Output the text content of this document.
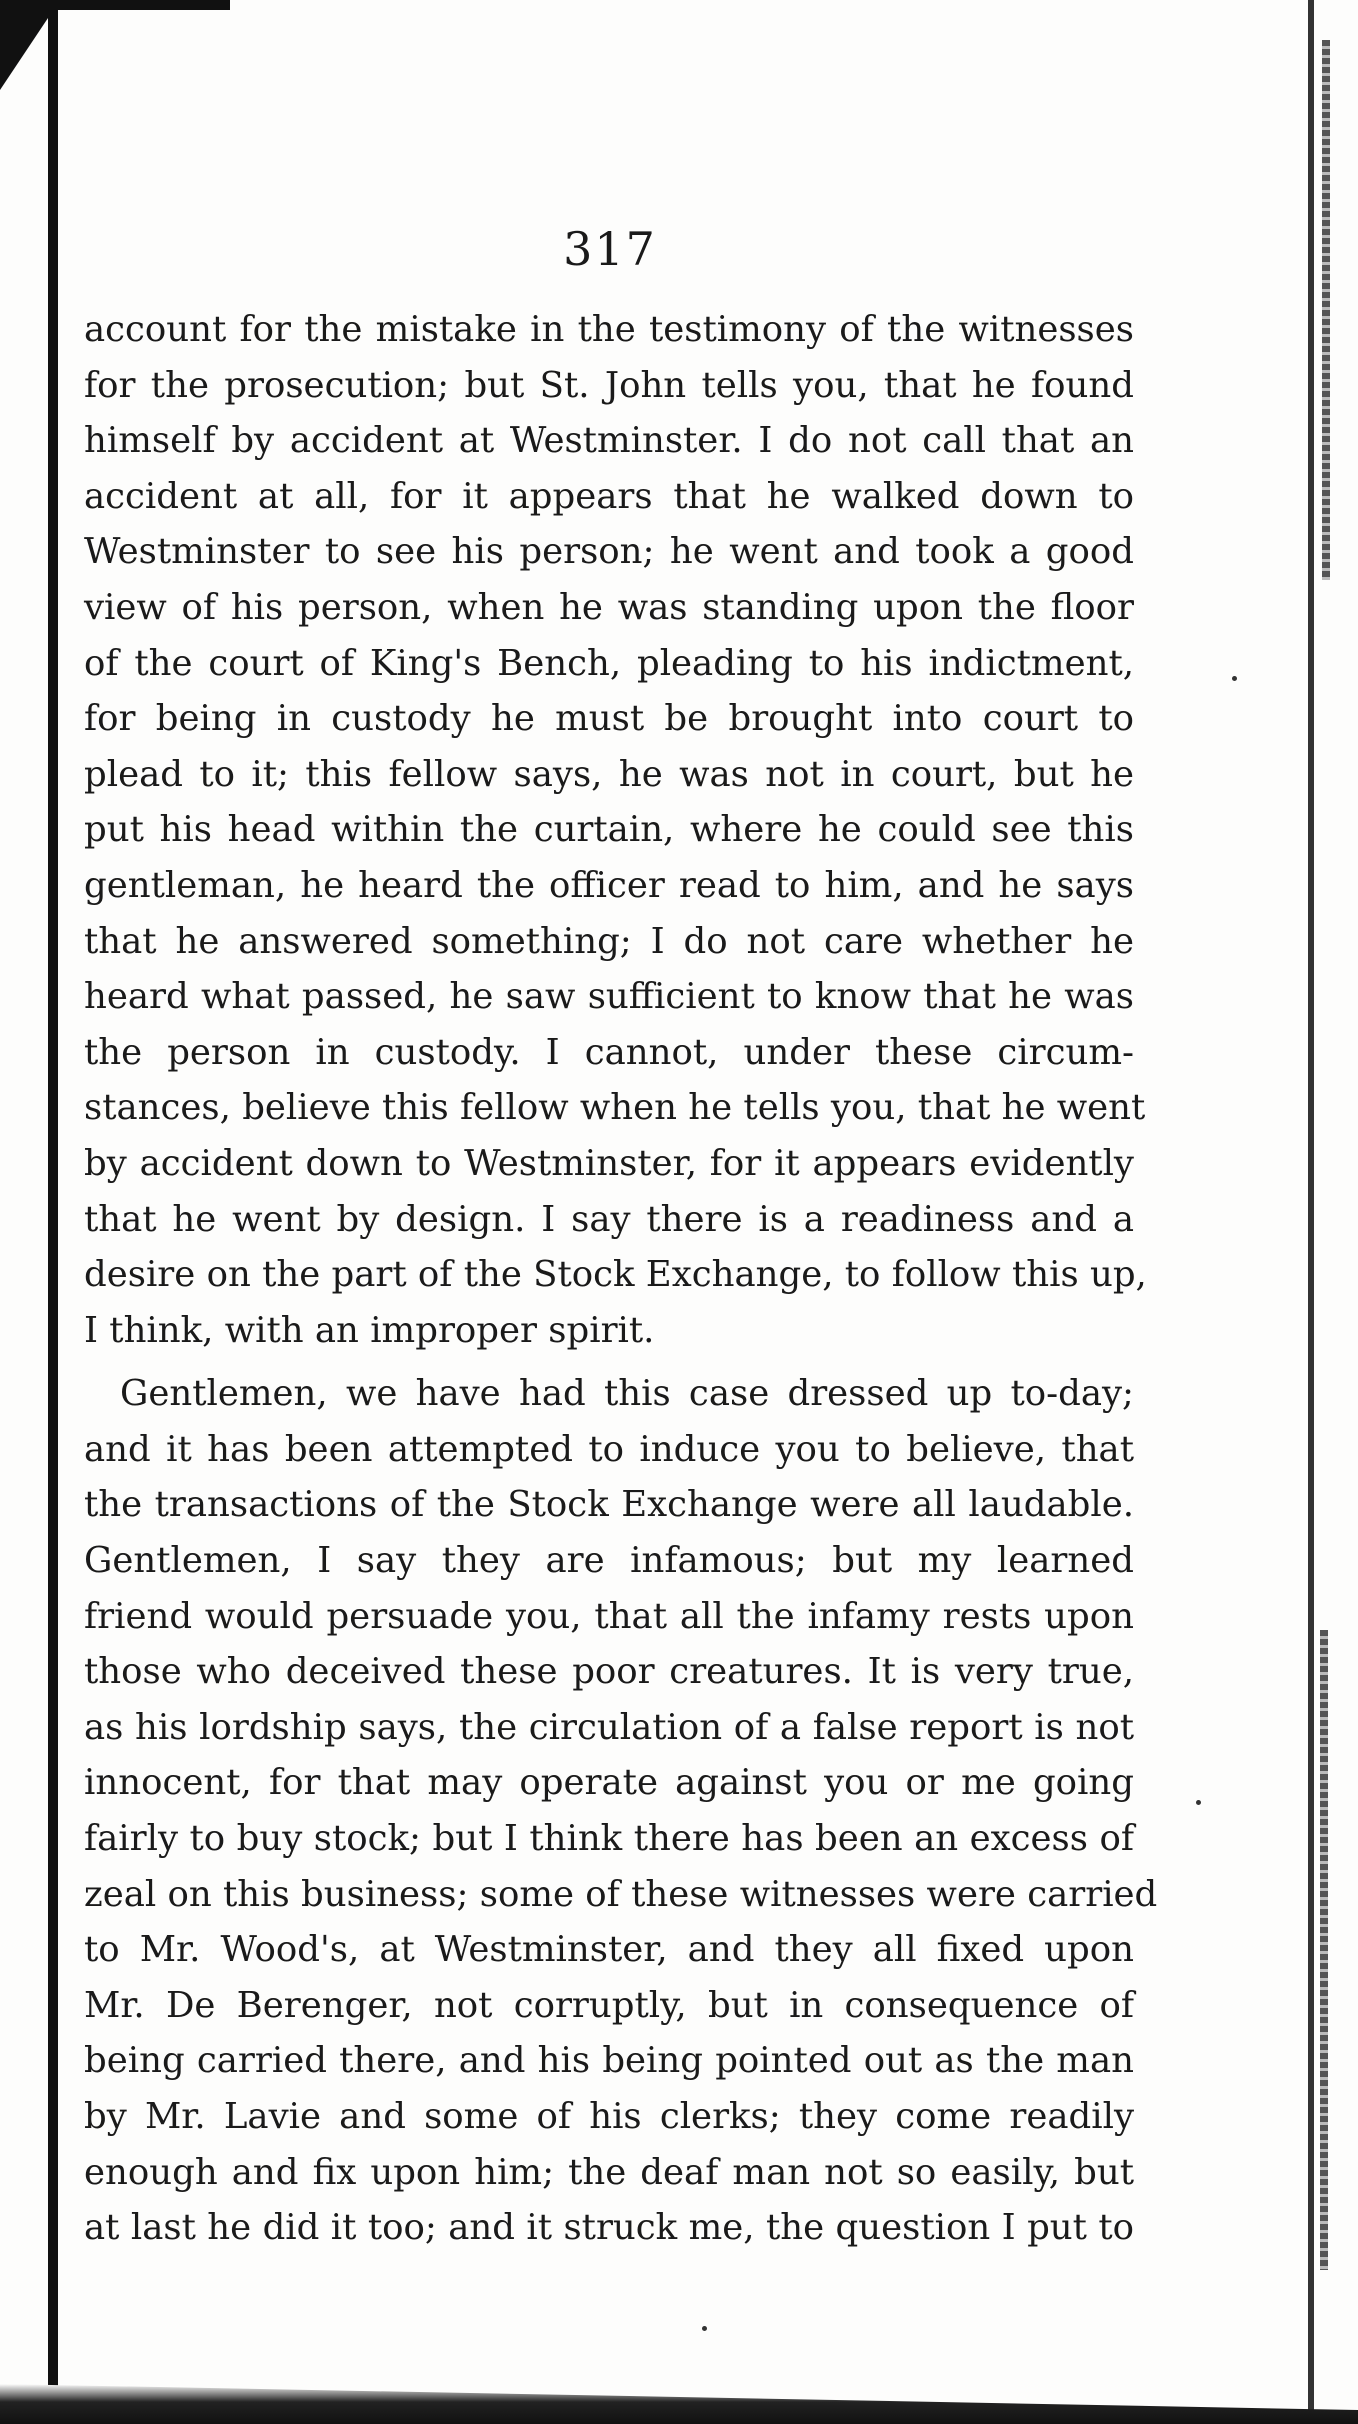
317
account for the mistake in the testimony of the witnesses
for the prosecution; but St. John tells you, that he found
himself by accident at Westminster. I do not call that an
accident at all, for it appears that he walked down to
Westminster to see his person; he went and took a good
view of his person, when he was standing upon the floor
of the court of King's Bench, pleading to his indictment,
for being in custody he must be brought into court to
plead to it; this fellow says, he was not in court, but he
put his head within the curtain, where he could see this
gentleman, he heard the officer read to him, and he says
that he answered something; I do not care whether he
heard what passed, he saw sufficient to know that he was
the person in custody. I cannot, under these circum-
stances, believe this fellow when he tells you, that he went
by accident down to Westminster, for it appears evidently
that he went by design. I say there is a readiness and a
desire on the part of the Stock Exchange, to follow this up,
I think, with an improper spirit.
Gentlemen, we have had this case dressed up to-day;
and it has been attempted to induce you to believe, that
the transactions of the Stock Exchange were all laudable.
Gentlemen, I say they are infamous; but my learned
friend would persuade you, that all the infamy rests upon
those who deceived these poor creatures. It is very true,
as his lordship says, the circulation of a false report is not
innocent, for that may operate against you or me going
fairly to buy stock; but I think there has been an excess of
zeal on this business; some of these witnesses were carried
to Mr. Wood's, at Westminster, and they all fixed upon
Mr. De Berenger, not corruptly, but in consequence of
being carried there, and his being pointed out as the man
by Mr. Lavie and some of his clerks; they come readily
enough and fix upon him; the deaf man not so easily, but
at last he did it too; and it struck me, the question I put to
